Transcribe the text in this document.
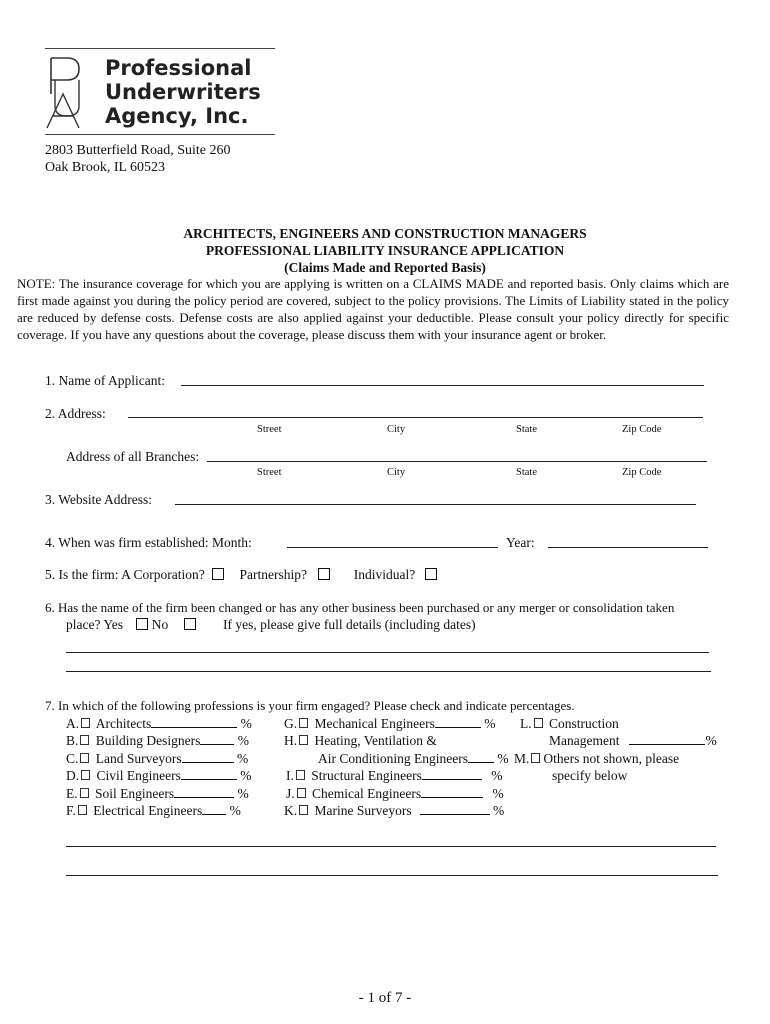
Professional
Underwriters
Agency, Inc.
2803 Butterfield Road, Suite 260
Oak Brook, IL 60523
ARCHITECTS, ENGINEERS AND CONSTRUCTION MANAGERS
PROFESSIONAL LIABILITY INSURANCE APPLICATION
(Claims Made and Reported Basis)
NOTE: The insurance coverage for which you are applying is written on a CLAIMS MADE and reported basis. Only claims which are first made against you during the policy period are covered, subject to the policy provisions. The Limits of Liability stated in the policy are reduced by defense costs. Defense costs are also applied against your deductible. Please consult your policy directly for specific coverage. If you have any questions about the coverage, please discuss them with your insurance agent or broker.
1. Name of Applicant:
2. Address:
Street	City	State	Zip Code
Address of all Branches:
Street	City	State	Zip Code
3. Website Address:
4. When was firm established: Month:	Year:
5. Is the firm: A Corporation?	Partnership?	Individual?
6. Has the name of the firm been changed or has any other business been purchased or any merger or consolidation taken
place? Yes No	If yes, please give full details (including dates)
7. In which of the following professions is your firm engaged? Please check and indicate percentages.
A. Architects	%
B. Building Designers	%
C. Land Surveyors	%
D. Civil Engineers	%
E. Soil Engineers	%
F. Electrical Engineers %
G. Mechanical Engineers	%
H. Heating, Ventilation &
Air Conditioning Engineers %
I. Structural Engineers	%
J. Chemical Engineers	%
K. Marine Surveyors	%
L. Construction
Management	%
M. Others not shown, please
specify below
- 1 of 7 -
